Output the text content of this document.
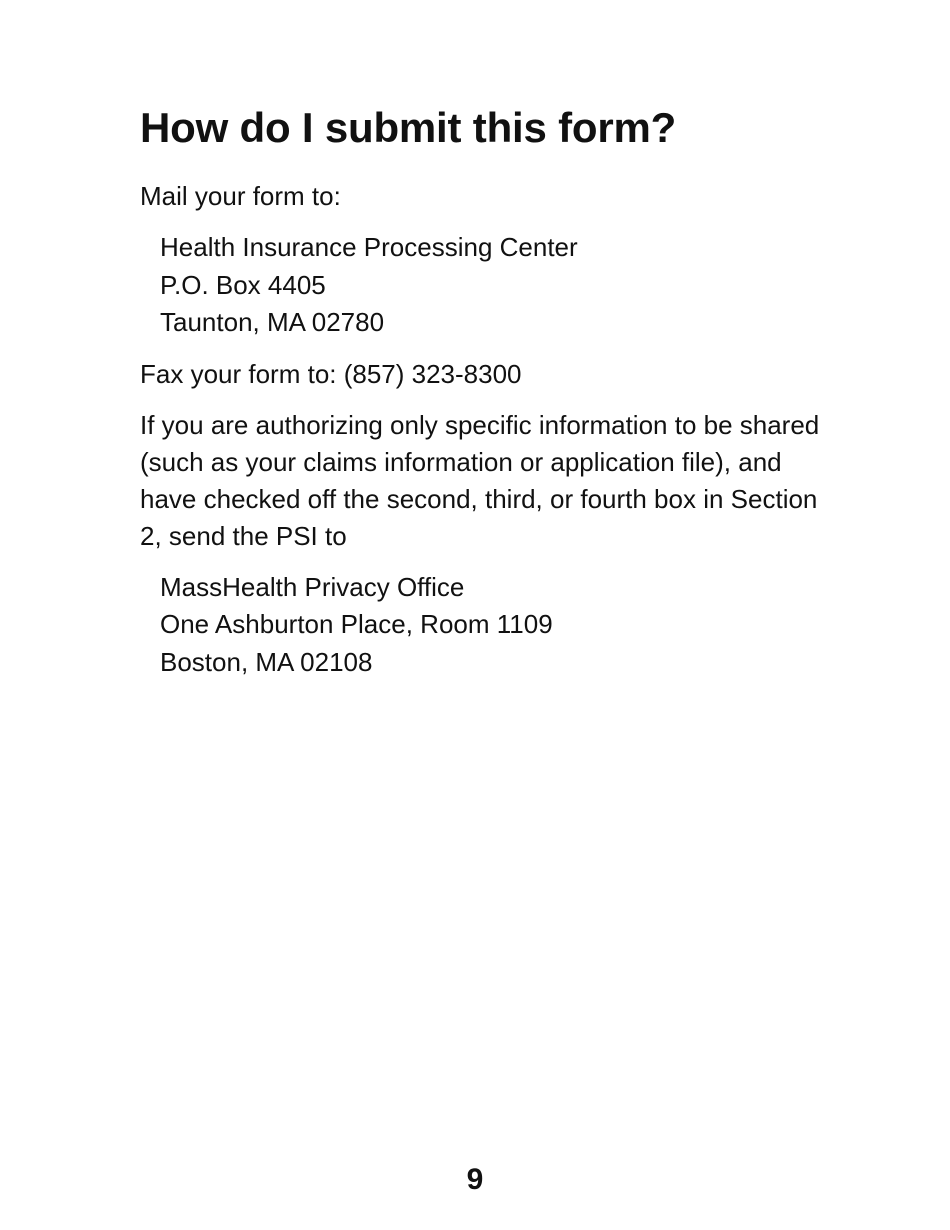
How do I submit this form?

Mail your form to:

Health Insurance Processing Center
P.O. Box 4405
Taunton, MA 02780

Fax your form to: (857) 323-8300

If you are authorizing only specific information to be shared (such as your claims information or application file), and have checked off the second, third, or fourth box in Section 2, send the PSI to

MassHealth Privacy Office
One Ashburton Place, Room 1109
Boston, MA 02108
9
